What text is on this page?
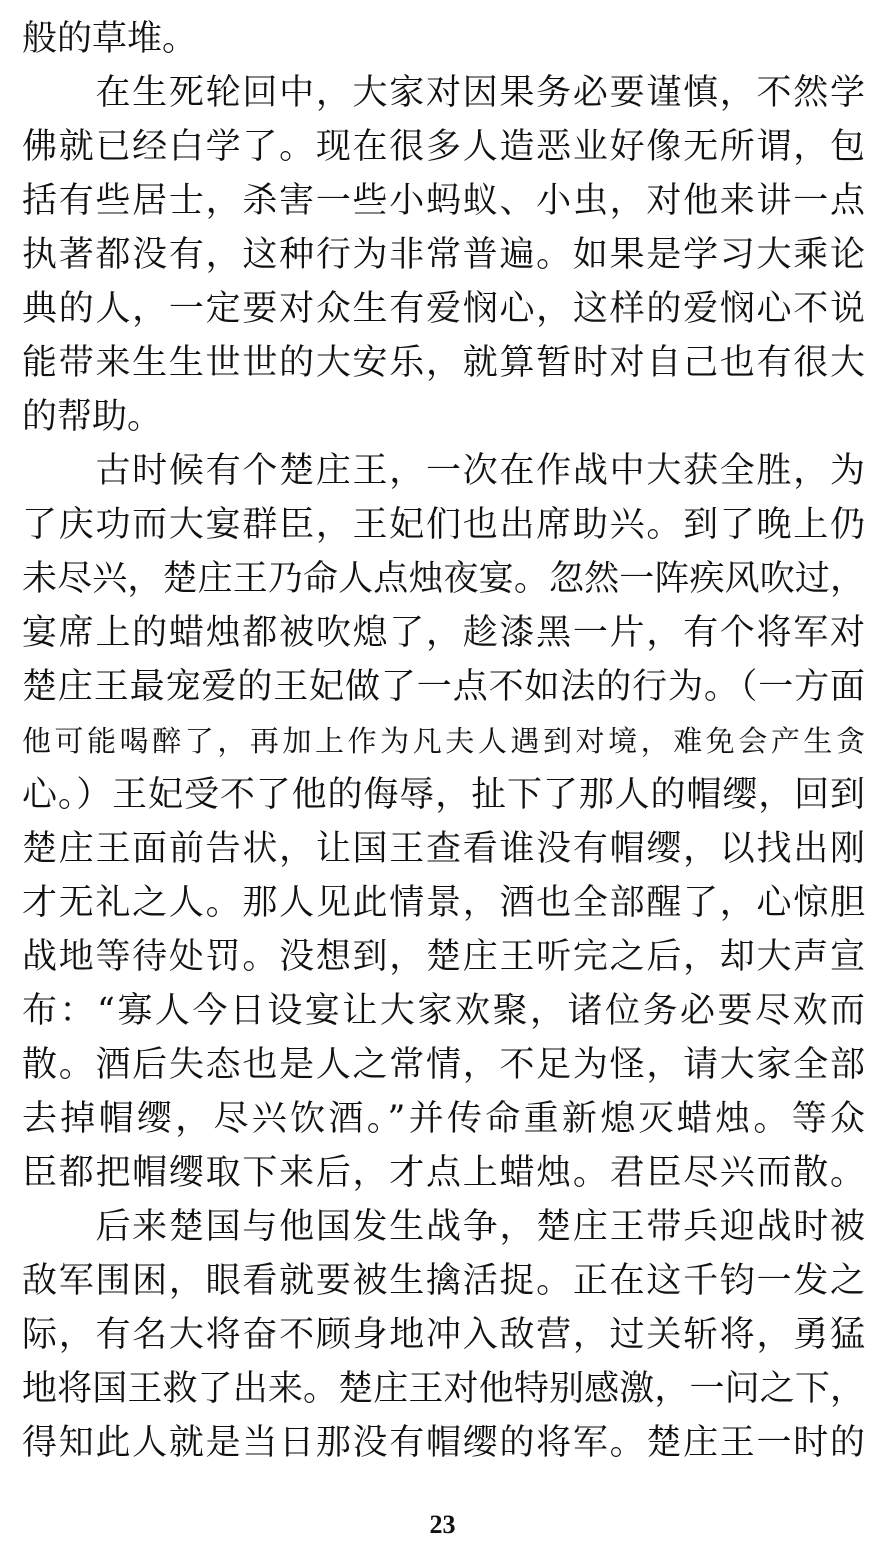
般的草堆。
　　在生死轮回中，大家对因果务必要谨慎，不然学
佛就已经白学了。现在很多人造恶业好像无所谓，包
括有些居士，杀害一些小蚂蚁、小虫，对他来讲一点
执著都没有，这种行为非常普遍。如果是学习大乘论
典的人，一定要对众生有爱悯心，这样的爱悯心不说
能带来生生世世的大安乐，就算暂时对自己也有很大
的帮助。
　　古时候有个楚庄王，一次在作战中大获全胜，为
了庆功而大宴群臣，王妃们也出席助兴。到了晚上仍
未尽兴，楚庄王乃命人点烛夜宴。忽然一阵疾风吹过，
宴席上的蜡烛都被吹熄了，趁漆黑一片，有个将军对
楚庄王最宠爱的王妃做了一点不如法的行为。（一方面
他可能喝醉了，再加上作为凡夫人遇到对境，难免会产生贪
心。）王妃受不了他的侮辱，扯下了那人的帽缨，回到
楚庄王面前告状，让国王查看谁没有帽缨，以找出刚
才无礼之人。那人见此情景，酒也全部醒了，心惊胆
战地等待处罚。没想到，楚庄王听完之后，却大声宣
布：“寡人今日设宴让大家欢聚，诸位务必要尽欢而
散。酒后失态也是人之常情，不足为怪，请大家全部
去掉帽缨，尽兴饮酒。”并传命重新熄灭蜡烛。等众
臣都把帽缨取下来后，才点上蜡烛。君臣尽兴而散。
　　后来楚国与他国发生战争，楚庄王带兵迎战时被
敌军围困，眼看就要被生擒活捉。正在这千钧一发之
际，有名大将奋不顾身地冲入敌营，过关斩将，勇猛
地将国王救了出来。楚庄王对他特别感激，一问之下，
得知此人就是当日那没有帽缨的将军。楚庄王一时的
23
